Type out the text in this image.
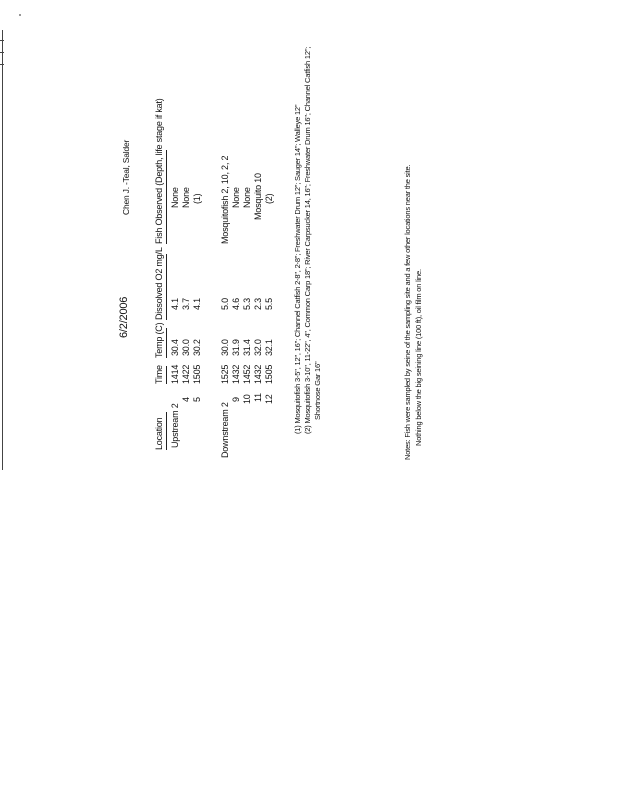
6/2/2006
Chen J. -Teal, Salder
Location
Time
Temp (C)
Dissolved O2 mg/L
Fish Observed (Depth, life stage if kat)
Upstream 2
1414
30.4
4.1
None
4
1422
30.0
3.7
None
5
1505
30.2
4.1
(1)
Downstream 2
1525
30.0
5.0
Mosquitofish 2, 10, 2, 2
9
1432
31.9
4.6
None
10
1452
31.4
5.3
None
11
1432
32.0
2.3
Mosquito 10
12
1505
32.1
5.5
(2)	(1) Mosquitofish 3-5", 12", 16"; Channel Catfish 2-8", 2-8"; Freshwater Drum 12"; Sauger 14"; Walleye 12" (2) Mosquitofish 3-10", 11-22", 4", Common Carp 18"; River Carpsucker 14, 16"; Freshwater Drum 16"; Channel Catfish 12"; Shortnose Gar 16"	Notes: Fish were sampled by seine of the sampling site and a few other locations near the site. Nothing below the big seining line (100 ft), oil film on line.
